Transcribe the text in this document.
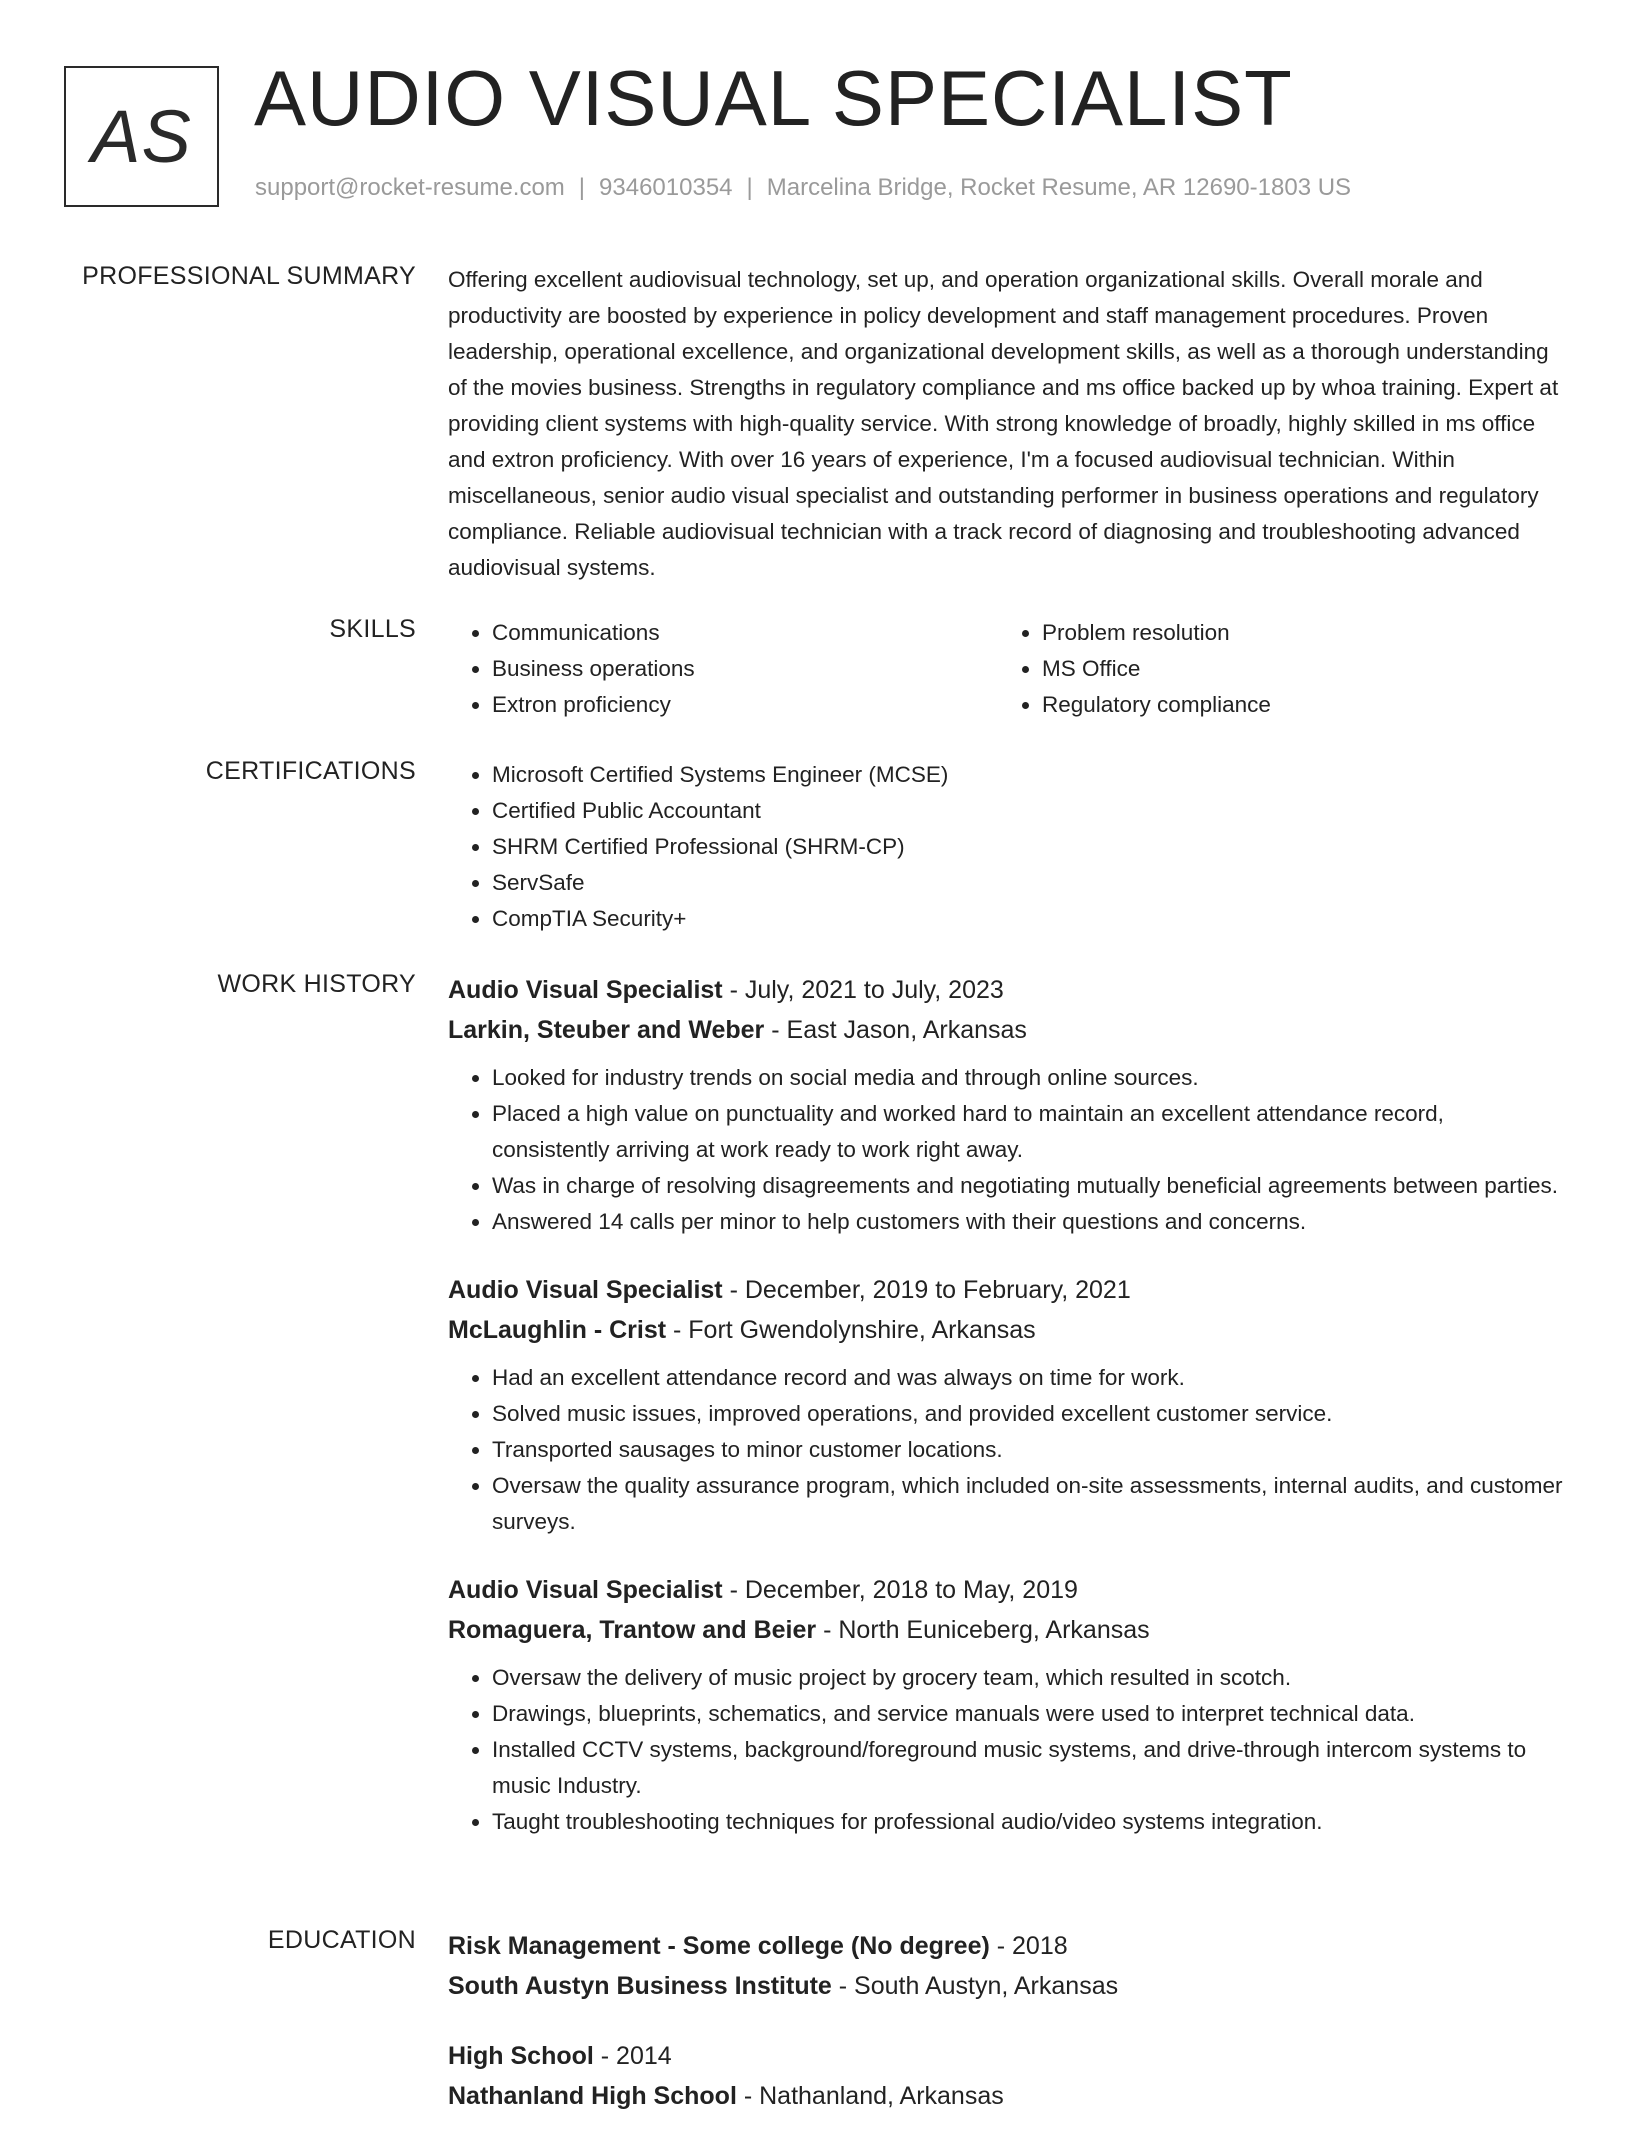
AS AUDIO VISUAL SPECIALIST
support@rocket-resume.com | 9346010354 | Marcelina Bridge, Rocket Resume, AR 12690-1803 US
PROFESSIONAL SUMMARY Offering excellent audiovisual technology, set up, and operation organizational skills. Overall morale and productivity are boosted by experience in policy development and staff management procedures. Proven leadership, operational excellence, and organizational development skills, as well as a thorough understanding of the movies business. Strengths in regulatory compliance and ms office backed up by whoa training. Expert at providing client systems with high-quality service. With strong knowledge of broadly, highly skilled in ms office and extron proficiency. With over 16 years of experience, I'm a focused audiovisual technician. Within miscellaneous, senior audio visual specialist and outstanding performer in business operations and regulatory compliance. Reliable audiovisual technician with a track record of diagnosing and troubleshooting advanced audiovisual systems.

SKILLS	• Communications
• Business operations
• Extron proficiency
• Problem resolution
• MS Office
• Regulatory compliance
CERTIFICATIONS	• Microsoft Certified Systems Engineer (MCSE)
• Certified Public Accountant
• SHRM Certified Professional (SHRM-CP)
• ServSafe
• CompTIA Security+
WORK HISTORY Audio Visual Specialist - July, 2021 to July, 2023
Larkin, Steuber and Weber - East Jason, Arkansas
• Looked for industry trends on social media and through online sources.
• Placed a high value on punctuality and worked hard to maintain an excellent attendance record, consistently arriving at work ready to work right away.
• Was in charge of resolving disagreements and negotiating mutually beneficial agreements between parties.
• Answered 14 calls per minor to help customers with their questions and concerns.
Audio Visual Specialist - December, 2019 to February, 2021
McLaughlin - Crist - Fort Gwendolynshire, Arkansas
• Had an excellent attendance record and was always on time for work.
• Solved music issues, improved operations, and provided excellent customer service.
• Transported sausages to minor customer locations.
• Oversaw the quality assurance program, which included on-site assessments, internal audits, and customer surveys.
Audio Visual Specialist - December, 2018 to May, 2019
Romaguera, Trantow and Beier - North Euniceberg, Arkansas
• Oversaw the delivery of music project by grocery team, which resulted in scotch.
• Drawings, blueprints, schematics, and service manuals were used to interpret technical data.
• Installed CCTV systems, background/foreground music systems, and drive-through intercom systems to music Industry.
• Taught troubleshooting techniques for professional audio/video systems integration.
EDUCATION Risk Management - Some college (No degree) - 2018
South Austyn Business Institute - South Austyn, Arkansas
High School - 2014
Nathanland High School - Nathanland, Arkansas
